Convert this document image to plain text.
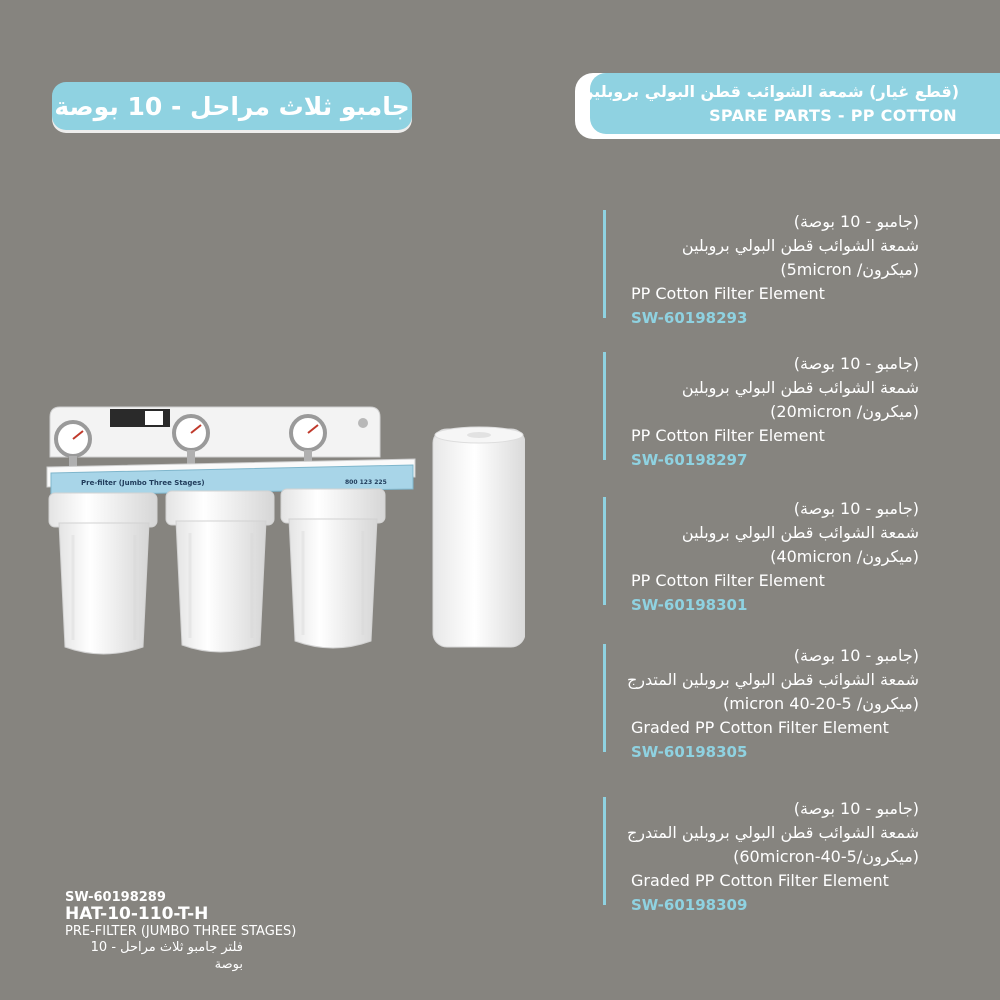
جامبو ثلاث مراحل - 10 بوصة	(قطع غيار) شمعة الشوائب قطن البولي بروبلين
SPARE PARTS - PP COTTON
(جامبو - 10 بوصة)
شمعة الشوائب قطن البولي بروبلين
(ميكرون/ 5micron)
PP Cotton Filter Element
SW-60198293
(جامبو - 10 بوصة)
شمعة الشوائب قطن البولي بروبلين
(ميكرون/ 20micron)
PP Cotton Filter Element
SW-60198297
(جامبو - 10 بوصة)
شمعة الشوائب قطن البولي بروبلين
(ميكرون/ 40micron)
PP Cotton Filter Element
SW-60198301
(جامبو - 10 بوصة)
شمعة الشوائب قطن البولي بروبلين المتدرج
(ميكرون/ 5-20-40 micron)
Graded PP Cotton Filter Element
SW-60198305
(جامبو - 10 بوصة)
شمعة الشوائب قطن البولي بروبلين المتدرج
(ميكرون/5-40-60micron)
Graded PP Cotton Filter Element
SW-60198309
Pre-filter (Jumbo Three Stages)	800 123 225
SW-60198289
HAT-10-110-T-H
PRE-FILTER (JUMBO THREE STAGES)
فلتر جامبو ثلاث مراحل - 10 بوصة
